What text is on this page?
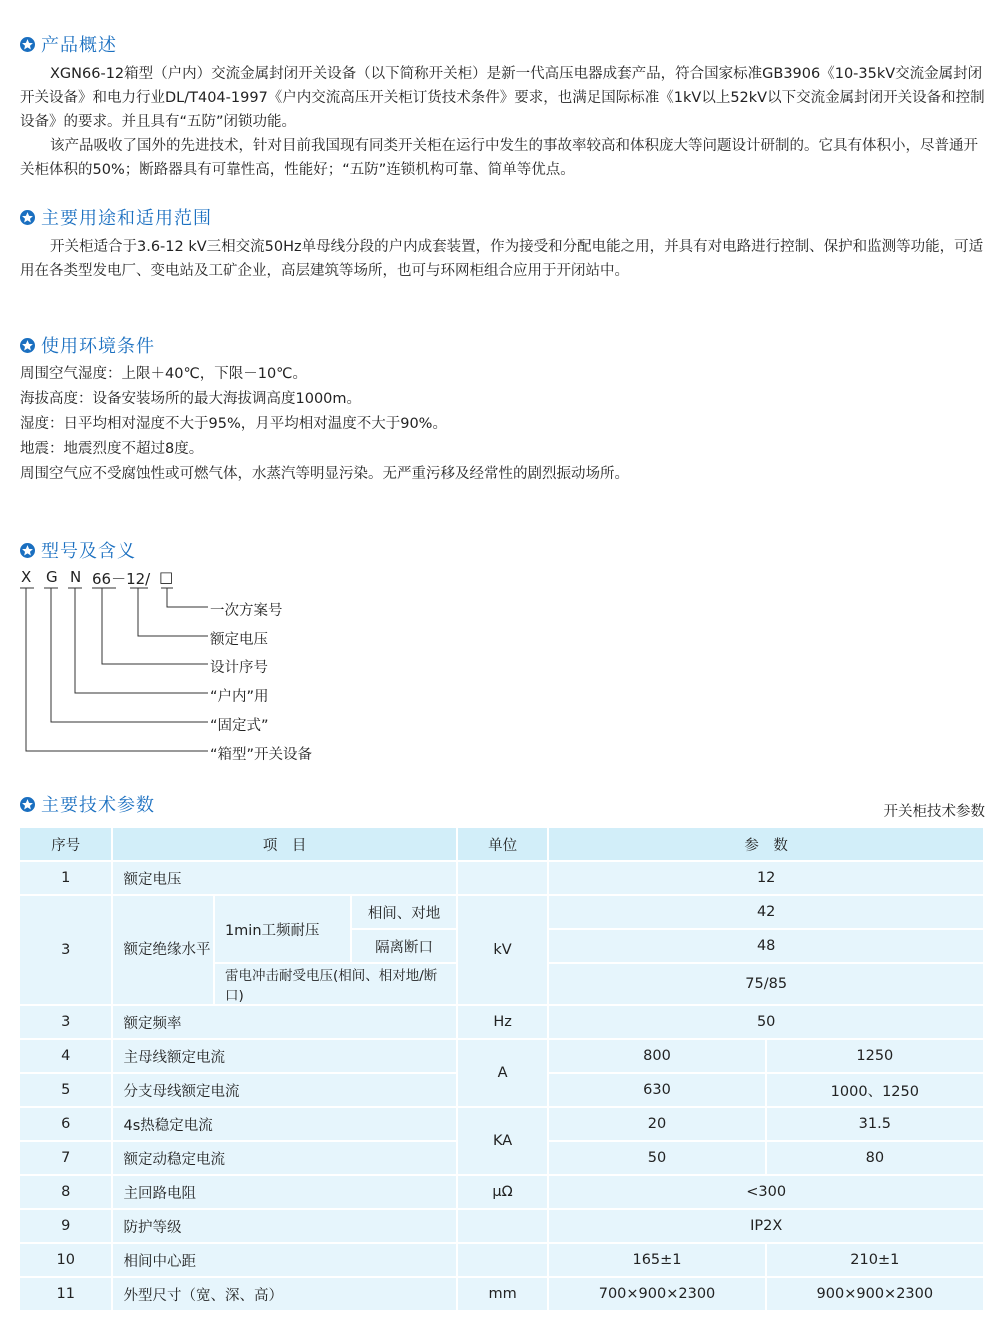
产品概述

XGN66-12箱型（户内）交流金属封闭开关设备（以下简称开关柜）是新一代高压电器成套产品，符合国家标准GB3906《10-35kV交流金属封闭开关设备》和电力行业DL/T404-1997《户内交流高压开关柜订货技术条件》要求，也满足国际标准《1kV以上52kV以下交流金属封闭开关设备和控制设备》的要求。并且具有“五防”闭锁功能。

该产品吸收了国外的先进技术，针对目前我国现有同类开关柜在运行中发生的事故率较高和体积庞大等问题设计研制的。它具有体积小，尽普通开关柜体积的50%；断路器具有可靠性高，性能好；“五防”连锁机构可靠、简单等优点。

主要用途和适用范围

开关柜适合于3.6-12 kV三相交流50Hz单母线分段的户内成套装置，作为接受和分配电能之用，并具有对电路进行控制、保护和监测等功能，可适用在各类型发电厂、变电站及工矿企业，高层建筑等场所，也可与环网柜组合应用于开闭站中。

使用环境条件
周围空气湿度：上限＋40℃，下限－10℃。
海拔高度：设备安装场所的最大海拔调高度1000m。
湿度：日平均相对湿度不大于95%，月平均相对温度不大于90%。
地震：地震烈度不超过8度。
周围空气应不受腐蚀性或可燃气体，水蒸汽等明显污染。无严重污移及经常性的剧烈振动场所。
型号及含义
X G N 66－12/ □
一次方案号
额定电压
设计序号
“户内”用
“固定式”
“箱型”开关设备
主要技术参数	开关柜技术参数
序号	项　目			单位	参　数	
1	额定电压				12	
3	额定绝缘水平	1min工频耐压	相间、对地	kV	42	
			隔离断口		48	
		雷电冲击耐受电压(相间、相对地/断口)			75/85	
3	额定频率			Hz	50	
4	主母线额定电流			A	800	1250
5	分支母线额定电流				630	1000、1250
6	4s热稳定电流			KA	20	31.5
7	额定动稳定电流				50	80
8	主回路电阻			μΩ	<300	
9	防护等级				IP2X	
10	相间中心距				165±1	210±1
11	外型尺寸（宽、深、高）			mm	700×900×2300	900×900×2300
